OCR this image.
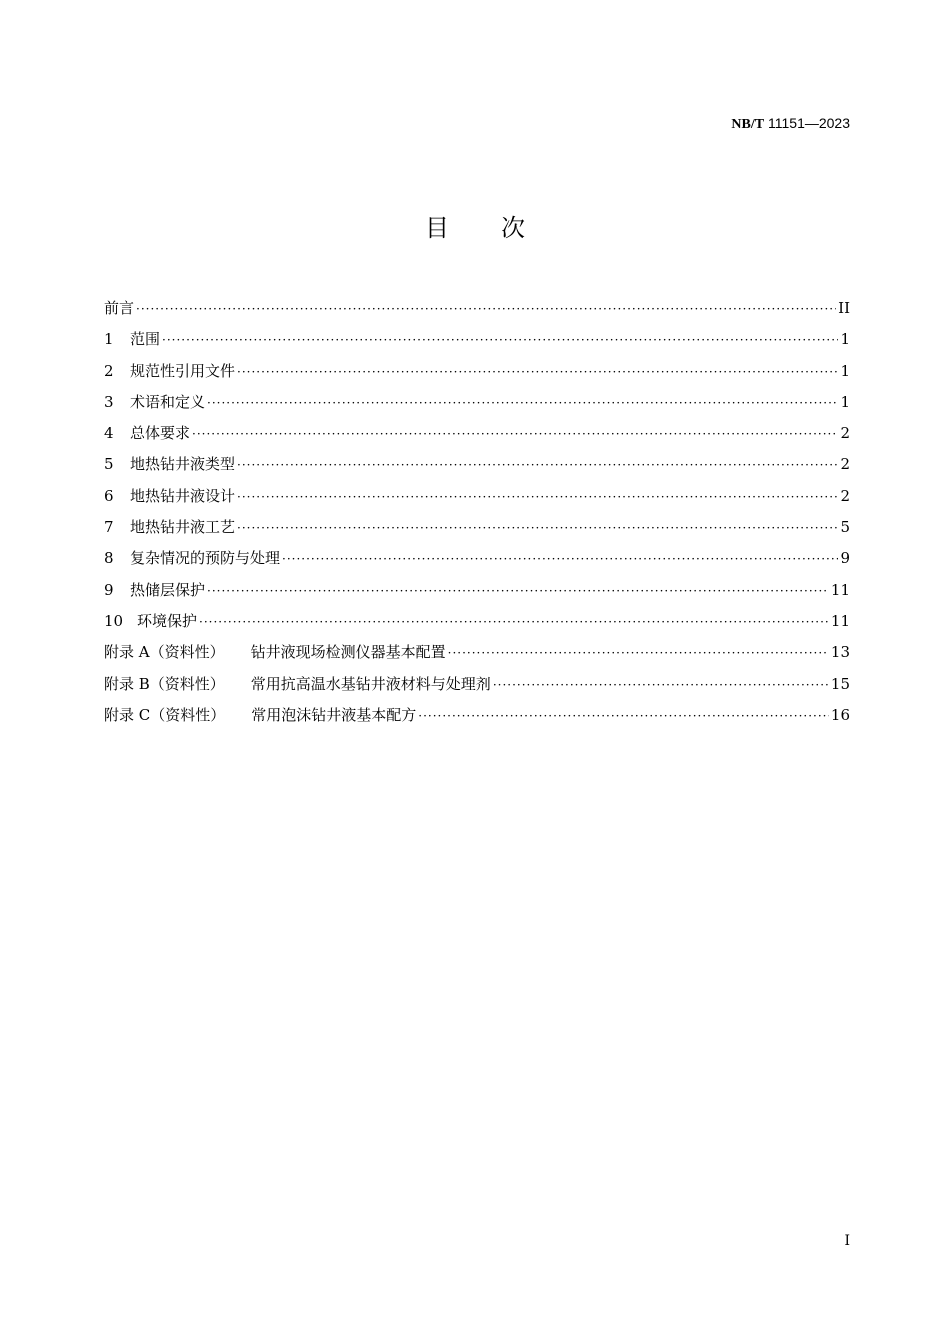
NB/T 11151—2023
目 次
前言 ·····	II
1	范围 ·····	1
2	规范性引用文件 ·····	1
3	术语和定义 ·····	1
4	总体要求 ·····	2
5	地热钻井液类型 ·····	2
6	地热钻井液设计 ·····	2
7	地热钻井液工艺 ·····	5
8	复杂情况的预防与处理 ·····	9
9	热储层保护 ·····	11
10 环境保护 ·····	11
附录 A（资料性） 钻井液现场检测仪器基本配置 ·····	13
附录 B（资料性） 常用抗高温水基钻井液材料与处理剂 ·····	15
附录 C（资料性） 常用泡沫钻井液基本配方 ·····	16
I
